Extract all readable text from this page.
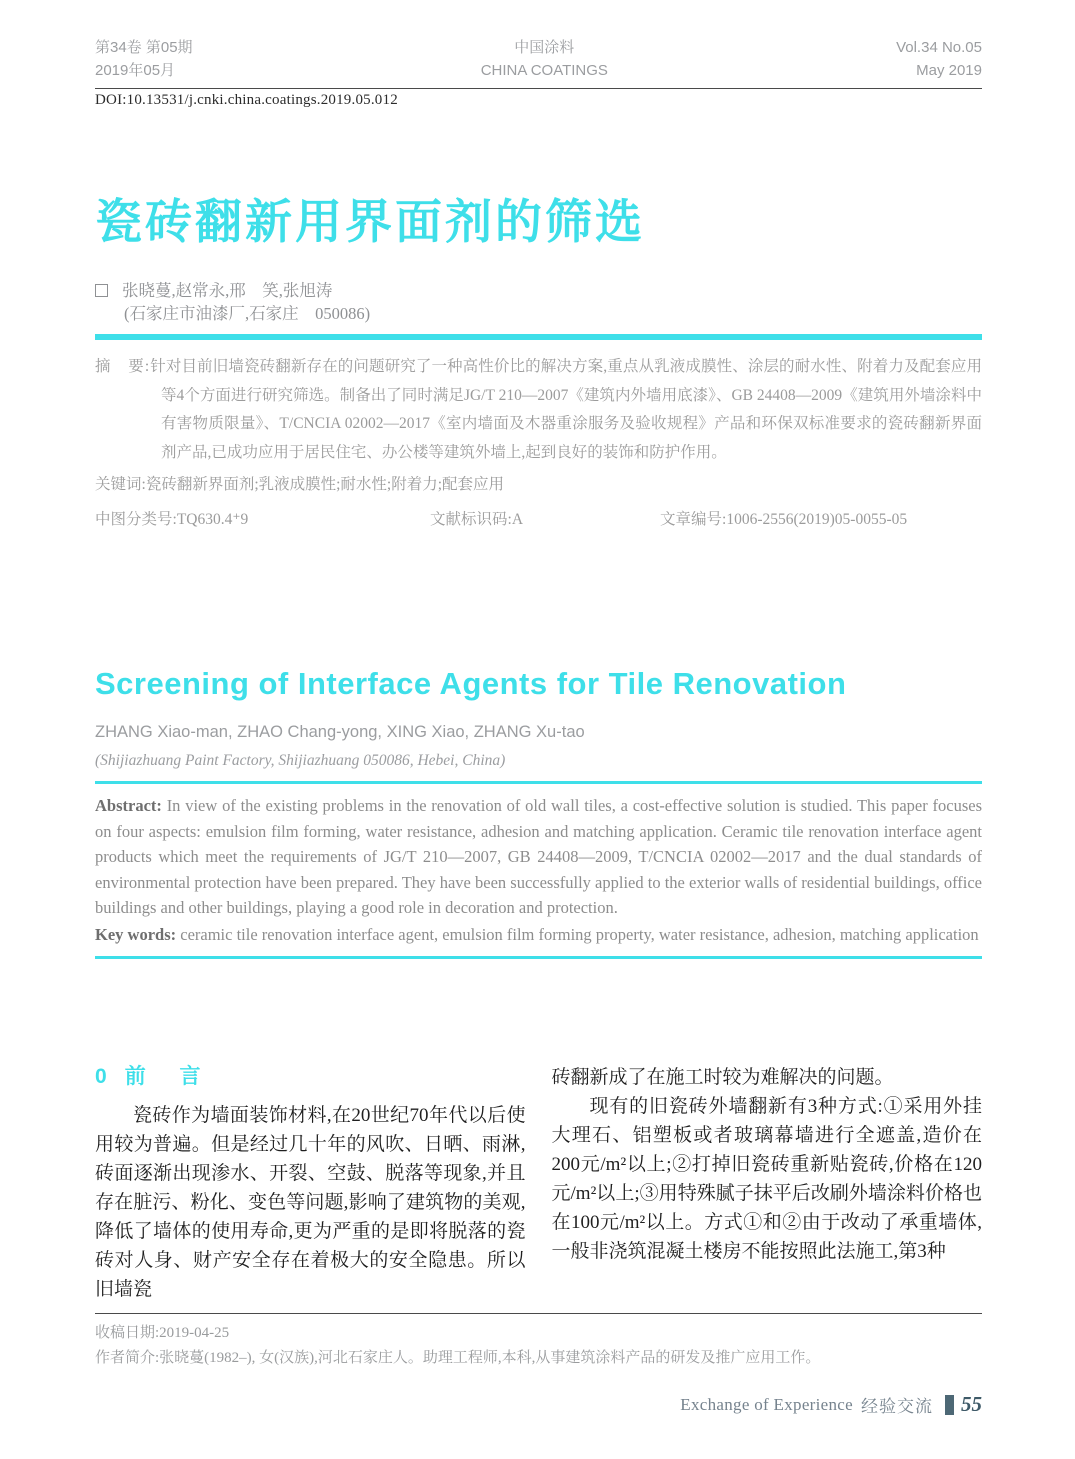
第34卷 第05期
2019年05月
中国涂料
CHINA COATINGS
Vol.34 No.05
May 2019
DOI:10.13531/j.cnki.china.coatings.2019.05.012
瓷砖翻新用界面剂的筛选
张晓蔓,赵常永,邢　笑,张旭涛
(石家庄市油漆厂,石家庄　050086)

摘　要:针对目前旧墙瓷砖翻新存在的问题研究了一种高性价比的解决方案,重点从乳液成膜性、涂层的耐水性、附着力及配套应用等4个方面进行研究筛选。制备出了同时满足JG/T 210—2007《建筑内外墙用底漆》、GB 24408—2009《建筑用外墙涂料中有害物质限量》、T/CNCIA 02002—2017《室内墙面及木器重涂服务及验收规程》产品和环保双标准要求的瓷砖翻新界面剂产品,已成功应用于居民住宅、办公楼等建筑外墙上,起到良好的装饰和防护作用。

关键词:瓷砖翻新界面剂;乳液成膜性;耐水性;附着力;配套应用

中图分类号:TQ630.4⁺9	文献标识码:A	文章编号:1006-2556(2019)05-0055-05
Screening of Interface Agents for Tile Renovation
ZHANG Xiao-man, ZHAO Chang-yong, XING Xiao, ZHANG Xu-tao
(Shijiazhuang Paint Factory, Shijiazhuang 050086, Hebei, China)

Abstract: In view of the existing problems in the renovation of old wall tiles, a cost-effective solution is studied. This paper focuses on four aspects: emulsion film forming, water resistance, adhesion and matching application. Ceramic tile renovation interface agent products which meet the requirements of JG/T 210—2007, GB 24408—2009, T/CNCIA 02002—2017 and the dual standards of environmental protection have been prepared. They have been successfully applied to the exterior walls of residential buildings, office buildings and other buildings, playing a good role in decoration and protection.

Key words: ceramic tile renovation interface agent, emulsion film forming property, water resistance, adhesion, matching application

0 前 言

瓷砖作为墙面装饰材料,在20世纪70年代以后使用较为普遍。但是经过几十年的风吹、日晒、雨淋,砖面逐渐出现渗水、开裂、空鼓、脱落等现象,并且存在脏污、粉化、变色等问题,影响了建筑物的美观,降低了墙体的使用寿命,更为严重的是即将脱落的瓷砖对人身、财产安全存在着极大的安全隐患。所以旧墙瓷

砖翻新成了在施工时较为难解决的问题。

现有的旧瓷砖外墙翻新有3种方式:①采用外挂大理石、铝塑板或者玻璃幕墙进行全遮盖,造价在200元/m²以上;②打掉旧瓷砖重新贴瓷砖,价格在120元/m²以上;③用特殊腻子抹平后改刷外墙涂料价格也在100元/m²以上。方式①和②由于改动了承重墙体,一般非浇筑混凝土楼房不能按照此法施工,第3种

收稿日期:2019-04-25
作者简介:张晓蔓(1982–), 女(汉族),河北石家庄人。助理工程师,本科,从事建筑涂料产品的研发及推广应用工作。
Exchange of Experience 经验交流 55
